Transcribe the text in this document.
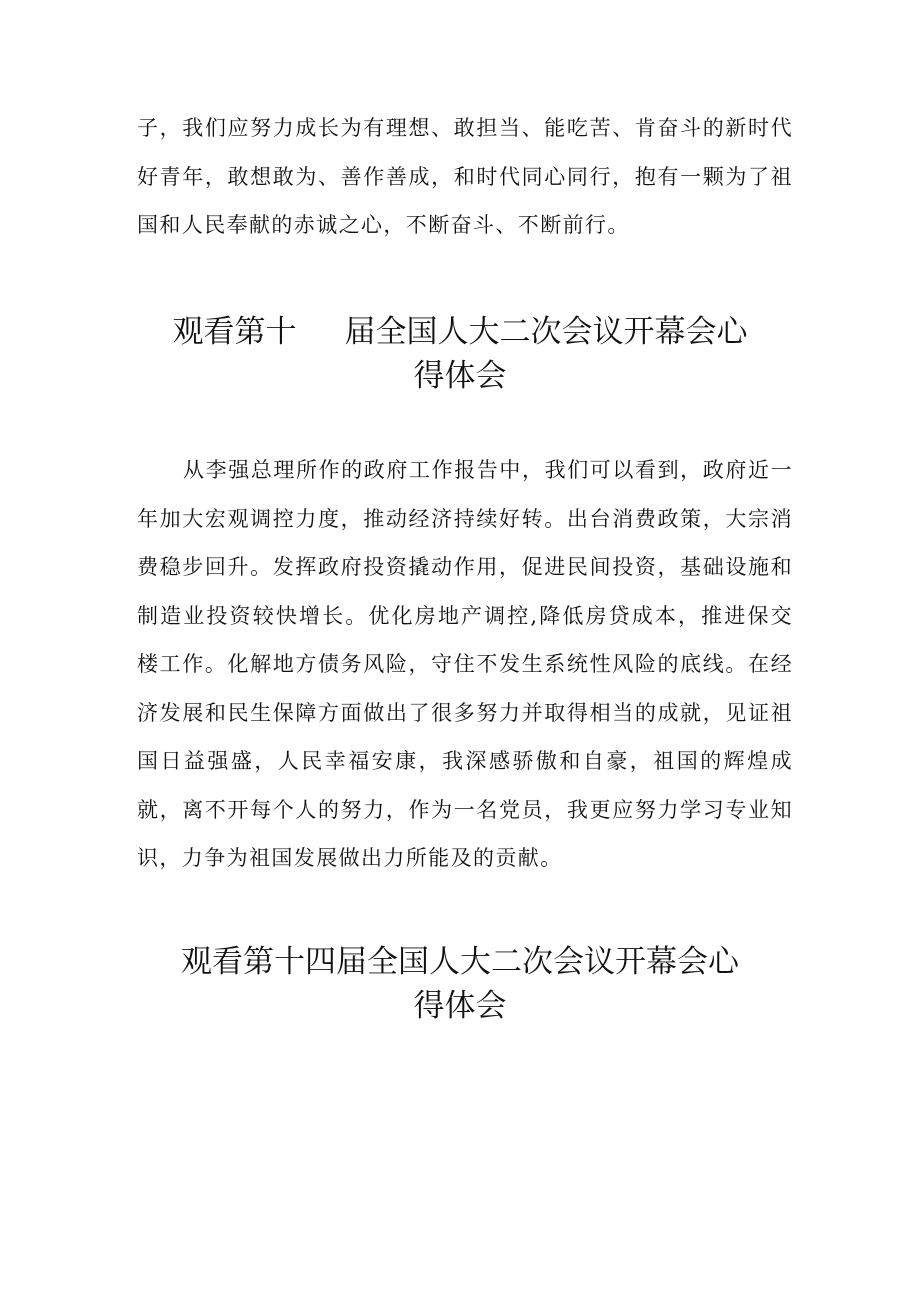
子，我们应努力成长为有理想、敢担当、能吃苦、肯奋斗的新时代好青年，敢想敢为、善作善成，和时代同心同行，抱有一颗为了祖国和人民奉献的赤诚之心，不断奋斗、不断前行。

观看第十 届全国人大二次会议开幕会心
得体会

从李强总理所作的政府工作报告中，我们可以看到，政府近一年加大宏观调控力度，推动经济持续好转。出台消费政策，大宗消费稳步回升。发挥政府投资撬动作用，促进民间投资，基础设施和制造业投资较快增长。优化房地产调控,降低房贷成本，推进保交楼工作。化解地方债务风险，守住不发生系统性风险的底线。在经济发展和民生保障方面做出了很多努力并取得相当的成就，见证祖国日益强盛，人民幸福安康，我深感骄傲和自豪，祖国的辉煌成就，离不开每个人的努力，作为一名党员，我更应努力学习专业知识，力争为祖国发展做出力所能及的贡献。

观看第十四届全国人大二次会议开幕会心
得体会
